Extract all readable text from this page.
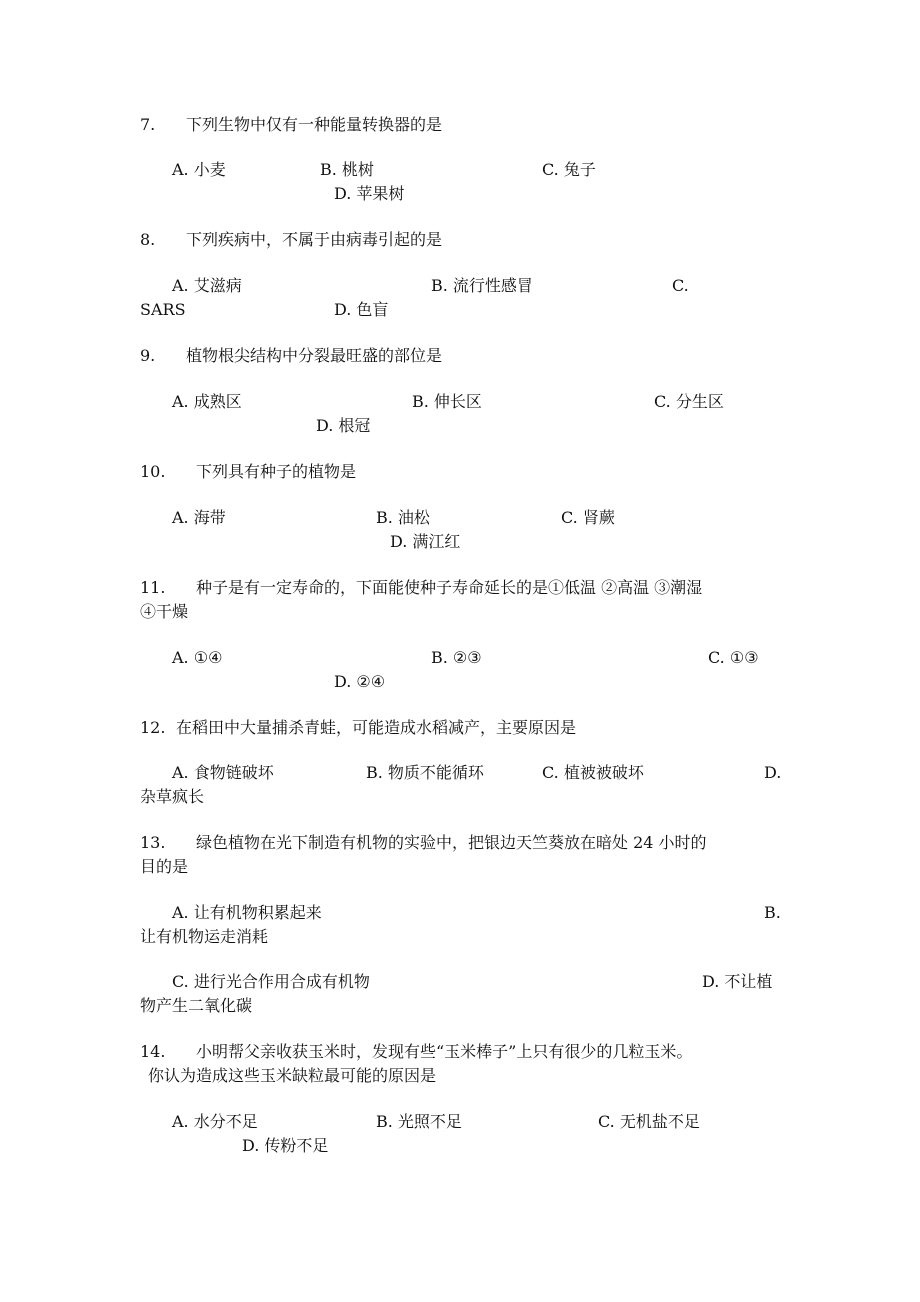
7. 下列生物中仅有一种能量转换器的是
A. 小麦	B. 桃树	C. 兔子
D. 苹果树
8. 下列疾病中，不属于由病毒引起的是
A. 艾滋病	B. 流行性感冒	C.
SARS	D. 色盲
9. 植物根尖结构中分裂最旺盛的部位是
A. 成熟区	B. 伸长区	C. 分生区
D. 根冠
10. 下列具有种子的植物是
A. 海带	B. 油松	C. 肾蕨
D. 满江红
11. 种子是有一定寿命的，下面能使种子寿命延长的是①低温 ②高温 ③潮湿
④干燥
A. ①④	B. ②③	C. ①③
D. ②④
12. 在稻田中大量捕杀青蛙，可能造成水稻减产，主要原因是
A. 食物链破坏	B. 物质不能循环	C. 植被被破坏	D.
杂草疯长
13. 绿色植物在光下制造有机物的实验中，把银边天竺葵放在暗处 24 小时的
目的是
A. 让有机物积累起来	B.
让有机物运走消耗
C. 进行光合作用合成有机物	D. 不让植
物产生二氧化碳
14. 小明帮父亲收获玉米时，发现有些“玉米棒子”上只有很少的几粒玉米。
你认为造成这些玉米缺粒最可能的原因是
A. 水分不足	B. 光照不足	C. 无机盐不足
D. 传粉不足
